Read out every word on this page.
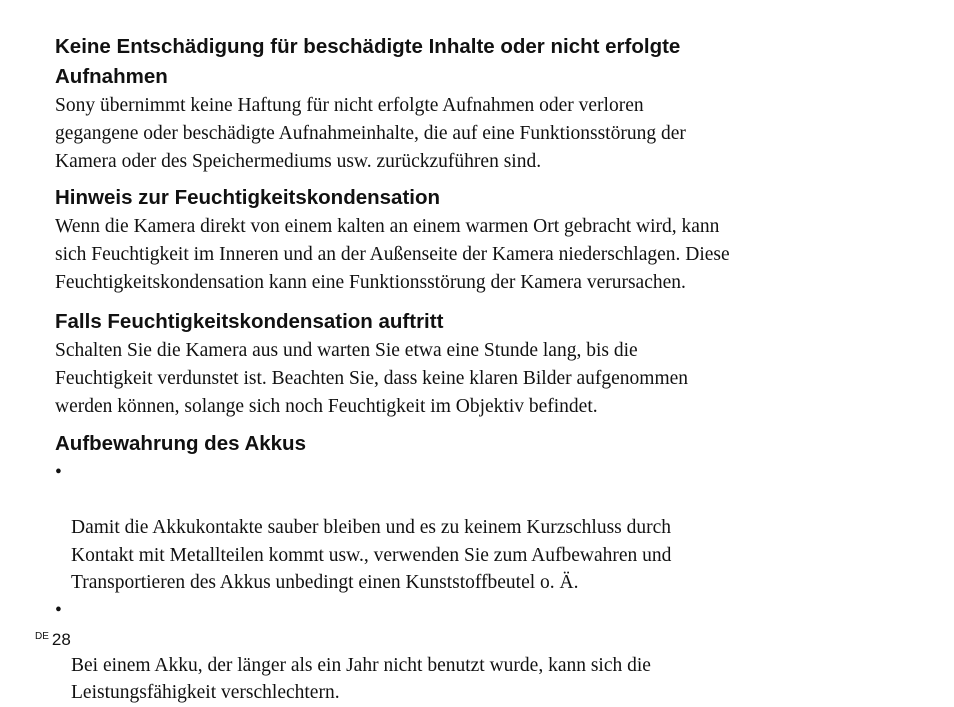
Keine Entschädigung für beschädigte Inhalte oder nicht erfolgte
Aufnahmen

Sony übernimmt keine Haftung für nicht erfolgte Aufnahmen oder verloren
gegangene oder beschädigte Aufnahmeinhalte, die auf eine Funktionsstörung der
Kamera oder des Speichermediums usw. zurückzuführen sind.

Hinweis zur Feuchtigkeitskondensation

Wenn die Kamera direkt von einem kalten an einem warmen Ort gebracht wird, kann
sich Feuchtigkeit im Inneren und an der Außenseite der Kamera niederschlagen. Diese
Feuchtigkeitskondensation kann eine Funktionsstörung der Kamera verursachen.

Falls Feuchtigkeitskondensation auftritt

Schalten Sie die Kamera aus und warten Sie etwa eine Stunde lang, bis die
Feuchtigkeit verdunstet ist. Beachten Sie, dass keine klaren Bilder aufgenommen
werden können, solange sich noch Feuchtigkeit im Objektiv befindet.

Aufbewahrung des Akkus

•

Damit die Akkukontakte sauber bleiben und es zu keinem Kurzschluss durch
Kontakt mit Metallteilen kommt usw., verwenden Sie zum Aufbewahren und
Transportieren des Akkus unbedingt einen Kunststoffbeutel o. Ä.

•

Bei einem Akku, der länger als ein Jahr nicht benutzt wurde, kann sich die
Leistungsfähigkeit verschlechtern.

$^{DE}$ 28
